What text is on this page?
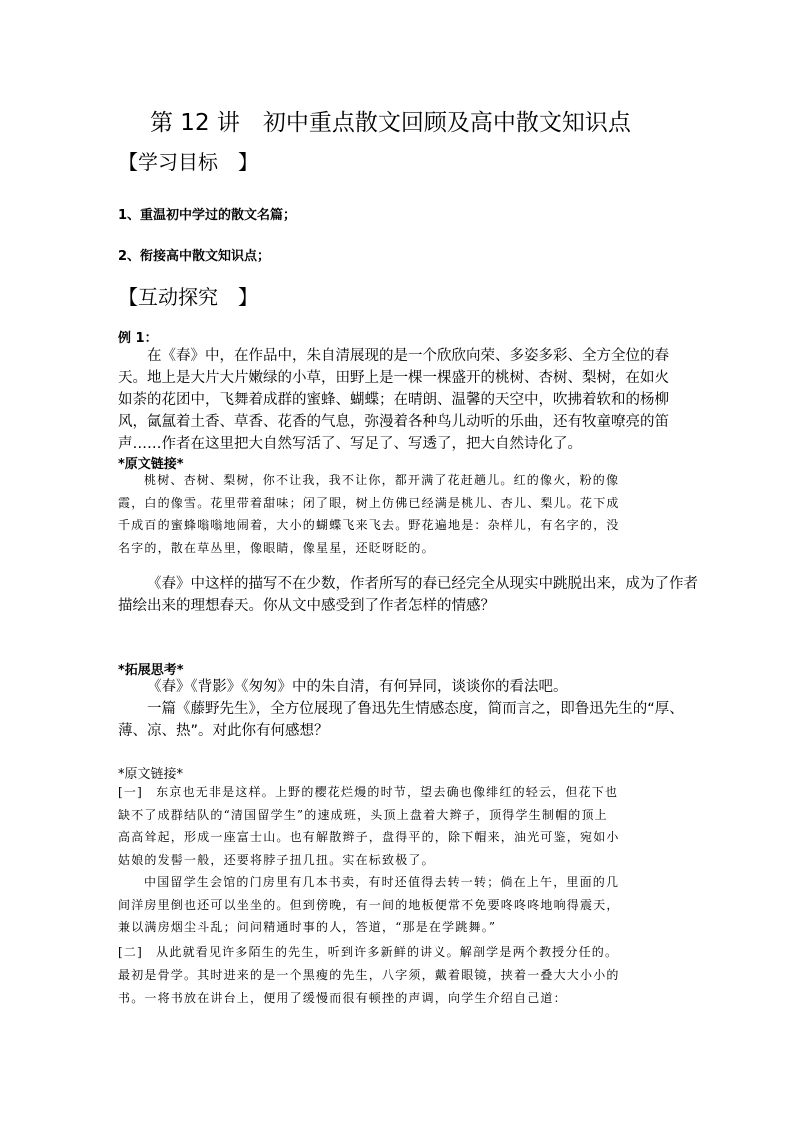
第 12 讲　初中重点散文回顾及高中散文知识点
【学习目标　】
1、重温初中学过的散文名篇；
2、衔接高中散文知识点；
【互动探究　】
例 1：
在《春》中，在作品中，朱自清展现的是一个欣欣向荣、多姿多彩、全方全位的春
天。地上是大片大片嫩绿的小草，田野上是一棵一棵盛开的桃树、杏树、梨树，在如火
如荼的花团中，飞舞着成群的蜜蜂、蝴蝶；在晴朗、温馨的天空中，吹拂着软和的杨柳
风，氤氲着土香、草香、花香的气息，弥漫着各种鸟儿动听的乐曲，还有牧童嘹亮的笛
声……作者在这里把大自然写活了、写足了、写透了，把大自然诗化了。
*原文链接*
桃树、杏树、梨树，你不让我，我不让你，都开满了花赶趟儿。红的像火，粉的像
霞，白的像雪。花里带着甜味；闭了眼，树上仿佛已经满是桃儿、杏儿、梨儿。花下成
千成百的蜜蜂嗡嗡地闹着，大小的蝴蝶飞来飞去。野花遍地是：杂样儿，有名字的，没
名字的，散在草丛里，像眼睛，像星星，还眨呀眨的。
《春》中这样的描写不在少数，作者所写的春已经完全从现实中跳脱出来，成为了作者
描绘出来的理想春天。你从文中感受到了作者怎样的情感？
*拓展思考*
《春》《背影》《匆匆》中的朱自清，有何异同，谈谈你的看法吧。
一篇《藤野先生》，全方位展现了鲁迅先生情感态度，简而言之，即鲁迅先生的“厚、
薄、凉、热”。对此你有何感想？
*原文链接*
[一]　东京也无非是这样。上野的樱花烂熳的时节，望去确也像绯红的轻云，但花下也
缺不了成群结队的“清国留学生”的速成班，头顶上盘着大辫子，顶得学生制帽的顶上
高高耸起，形成一座富士山。也有解散辫子，盘得平的，除下帽来，油光可鉴，宛如小
姑娘的发髻一般，还要将脖子扭几扭。实在标致极了。
中国留学生会馆的门房里有几本书卖，有时还值得去转一转；倘在上午，里面的几
间洋房里倒也还可以坐坐的。但到傍晚，有一间的地板便常不免要咚咚咚地响得震天，
兼以满房烟尘斗乱；问问精通时事的人，答道，“那是在学跳舞。”
[二]　从此就看见许多陌生的先生，听到许多新鲜的讲义。解剖学是两个教授分任的。
最初是骨学。其时进来的是一个黑瘦的先生，八字须，戴着眼镜，挟着一叠大大小小的
书。一将书放在讲台上，便用了缓慢而很有顿挫的声调，向学生介绍自己道：
